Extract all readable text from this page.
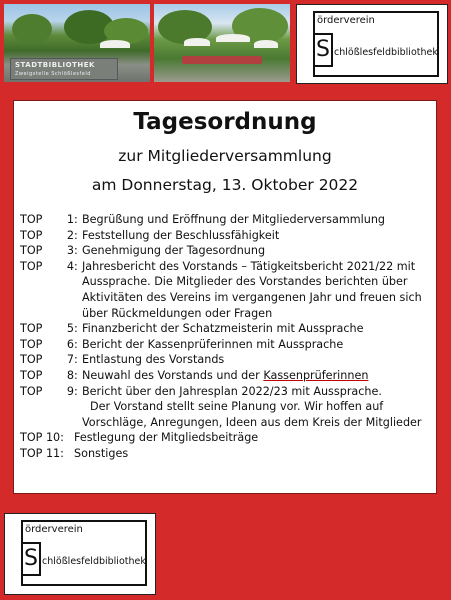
STADTBIBLIOTHEK
Zweigstelle Schlößlesfeld
örderverein
S chlößlesfeldbibliothek
Tagesordnung
zur Mitgliederversammlung
am Donnerstag, 13. Oktober 2022
TOP	1 : Begrüßung und Eröffnung der Mitgliederversammlung
TOP	2 : Feststellung der Beschlussfähigkeit
TOP	3 : Genehmigung der Tagesordnung
TOP	4 : Jahresbericht des Vorstands – Tätigkeitsbericht 2021/22 mit
Aussprache. Die Mitglieder des Vorstandes berichten über
Aktivitäten des Vereins im vergangenen Jahr und freuen sich
über Rückmeldungen oder Fragen
TOP	5 : Finanzbericht der Schatzmeisterin mit Aussprache
TOP	6 : Bericht der Kassenprüferinnen mit Aussprache
TOP	7 : Entlastung des Vorstands
TOP	8 : Neuwahl des Vorstands und der Kassenprüferinnen
TOP	9 : Bericht über den Jahresplan 2022/23 mit Aussprache.
Der Vorstand stellt seine Planung vor. Wir hoffen auf
Vorschläge, Anregungen, Ideen aus dem Kreis der Mitglieder
TOP 10: Festlegung der Mitgliedsbeiträge
TOP 11: Sonstiges
örderverein
S chlößlesfeldbibliothek
